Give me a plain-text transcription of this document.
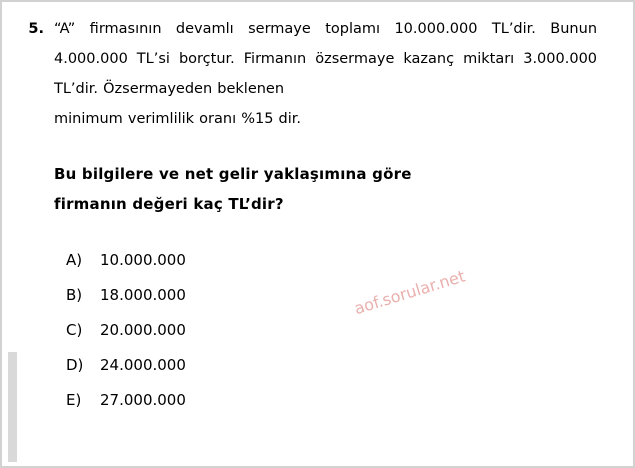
5. “A” firmasının devamlı sermaye toplamı 10.000.000 TL’dir. Bunun 4.000.000 TL’si borçtur. Firmanın özsermaye kazanç miktarı 3.000.000 TL’dir. Özsermayeden beklenen
minimum verimlilik oranı %15 dir.

Bu bilgilere ve net gelir yaklaşımına göre
firmanın değeri kaç TL’dir?

A)	10.000.000
B)	18.000.000
C)	20.000.000
D)	24.000.000
E)	27.000.000
aof.sorular.net
